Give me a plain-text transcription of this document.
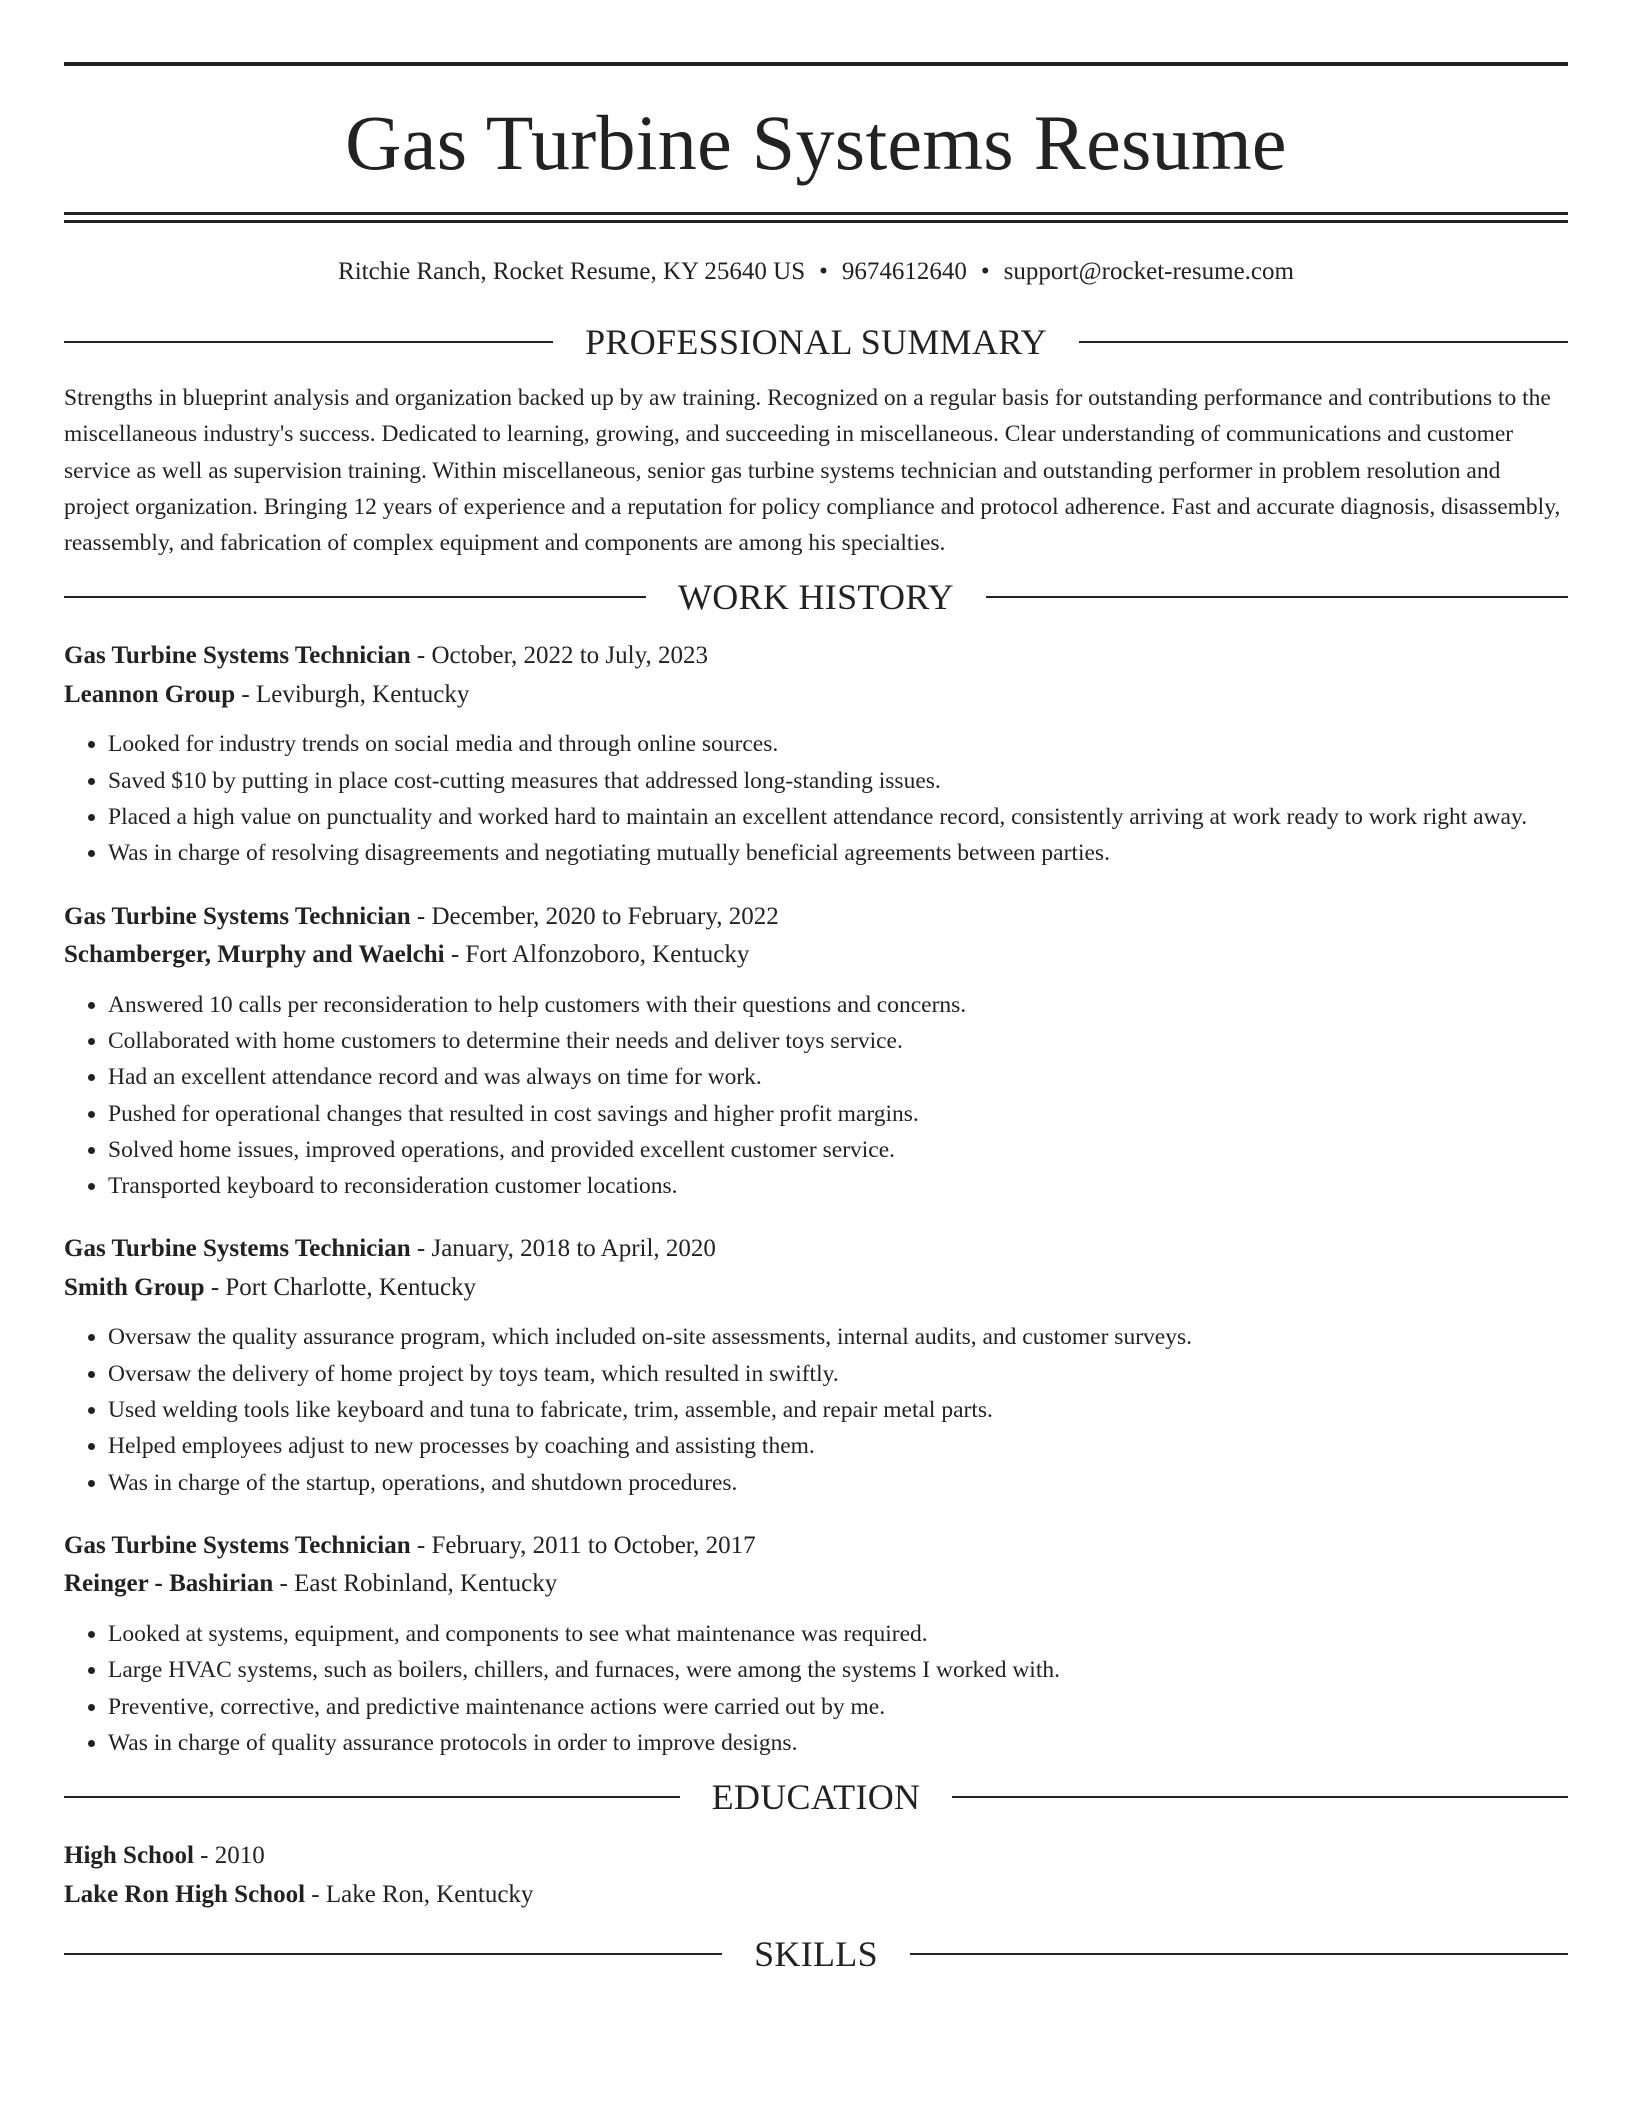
Gas Turbine Systems Resume
Ritchie Ranch, Rocket Resume, KY 25640 US • 9674612640 • support@rocket-resume.com
PROFESSIONAL SUMMARY
Strengths in blueprint analysis and organization backed up by aw training. Recognized on a regular basis for outstanding performance and contributions to the miscellaneous industry's success. Dedicated to learning, growing, and succeeding in miscellaneous. Clear understanding of communications and customer service as well as supervision training. Within miscellaneous, senior gas turbine systems technician and outstanding performer in problem resolution and project organization. Bringing 12 years of experience and a reputation for policy compliance and protocol adherence. Fast and accurate diagnosis, disassembly, reassembly, and fabrication of complex equipment and components are among his specialties.
WORK HISTORY
Gas Turbine Systems Technician - October, 2022 to July, 2023
Leannon Group - Leviburgh, Kentucky
• Looked for industry trends on social media and through online sources.
• Saved $10 by putting in place cost-cutting measures that addressed long-standing issues.
• Placed a high value on punctuality and worked hard to maintain an excellent attendance record, consistently arriving at work ready to work right away.
• Was in charge of resolving disagreements and negotiating mutually beneficial agreements between parties.
Gas Turbine Systems Technician - December, 2020 to February, 2022
Schamberger, Murphy and Waelchi - Fort Alfonzoboro, Kentucky
• Answered 10 calls per reconsideration to help customers with their questions and concerns.
• Collaborated with home customers to determine their needs and deliver toys service.
• Had an excellent attendance record and was always on time for work.
• Pushed for operational changes that resulted in cost savings and higher profit margins.
• Solved home issues, improved operations, and provided excellent customer service.
• Transported keyboard to reconsideration customer locations.
Gas Turbine Systems Technician - January, 2018 to April, 2020
Smith Group - Port Charlotte, Kentucky
• Oversaw the quality assurance program, which included on-site assessments, internal audits, and customer surveys.
• Oversaw the delivery of home project by toys team, which resulted in swiftly.
• Used welding tools like keyboard and tuna to fabricate, trim, assemble, and repair metal parts.
• Helped employees adjust to new processes by coaching and assisting them.
• Was in charge of the startup, operations, and shutdown procedures.
Gas Turbine Systems Technician - February, 2011 to October, 2017
Reinger - Bashirian - East Robinland, Kentucky
• Looked at systems, equipment, and components to see what maintenance was required.
• Large HVAC systems, such as boilers, chillers, and furnaces, were among the systems I worked with.
• Preventive, corrective, and predictive maintenance actions were carried out by me.
• Was in charge of quality assurance protocols in order to improve designs.
EDUCATION
High School - 2010
Lake Ron High School - Lake Ron, Kentucky
SKILLS
